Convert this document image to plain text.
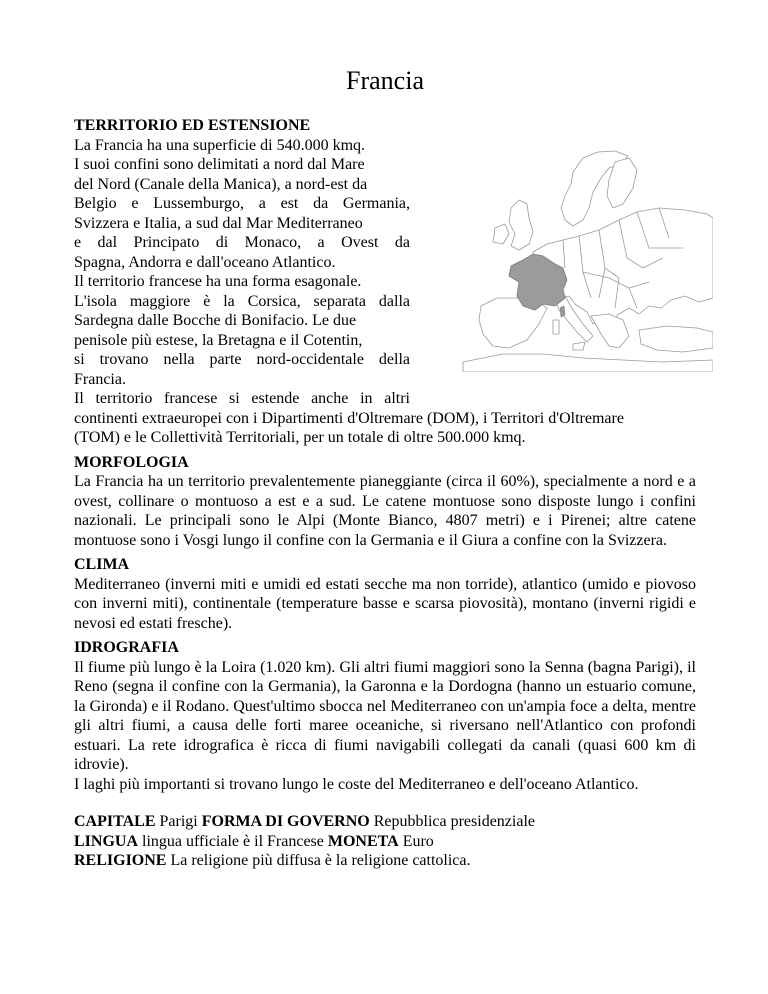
Francia
TERRITORIO ED ESTENSIONE

La Francia ha una superficie di 540.000 kmq.

I suoi confini sono delimitati a nord dal Mare

del Nord (Canale della Manica), a nord-est da

Belgio e Lussemburgo, a est da Germania,

Svizzera e Italia, a sud dal Mar Mediterraneo

e dal Principato di Monaco, a Ovest da

Spagna, Andorra e dall'oceano Atlantico.

Il territorio francese ha una forma esagonale.

L'isola maggiore è la Corsica, separata dalla

Sardegna dalle Bocche di Bonifacio. Le due

penisole più estese, la Bretagna e il Cotentin,

si trovano nella parte nord-occidentale della

Francia.

Il territorio francese si estende anche in altri

continenti extraeuropei con i Dipartimenti d'Oltremare (DOM), i Territori d'Oltremare

(TOM) e le Collettività Territoriali, per un totale di oltre 500.000 kmq.

MORFOLOGIA

La Francia ha un territorio prevalentemente pianeggiante (circa il 60%), specialmente a nord e a ovest, collinare o montuoso a est e a sud. Le catene montuose sono disposte lungo i confini nazionali. Le principali sono le Alpi (Monte Bianco, 4807 metri) e i Pirenei; altre catene montuose sono i Vosgi lungo il confine con la Germania e il Giura a confine con la Svizzera.

CLIMA

Mediterraneo (inverni miti e umidi ed estati secche ma non torride), atlantico (umido e piovoso con inverni miti), continentale (temperature basse e scarsa piovosità), montano (inverni rigidi e nevosi ed estati fresche).

IDROGRAFIA

Il fiume più lungo è la Loira (1.020 km). Gli altri fiumi maggiori sono la Senna (bagna Parigi), il Reno (segna il confine con la Germania), la Garonna e la Dordogna (hanno un estuario comune, la Gironda) e il Rodano. Quest'ultimo sbocca nel Mediterraneo con un'ampia foce a delta, mentre gli altri fiumi, a causa delle forti maree oceaniche, si riversano nell'Atlantico con profondi estuari. La rete idrografica è ricca di fiumi navigabili collegati da canali (quasi 600 km di idrovie).

I laghi più importanti si trovano lungo le coste del Mediterraneo e dell'oceano Atlantico.

CAPITALE Parigi FORMA DI GOVERNO Repubblica presidenziale

LINGUA lingua ufficiale è il Francese MONETA Euro

RELIGIONE La religione più diffusa è la religione cattolica.
